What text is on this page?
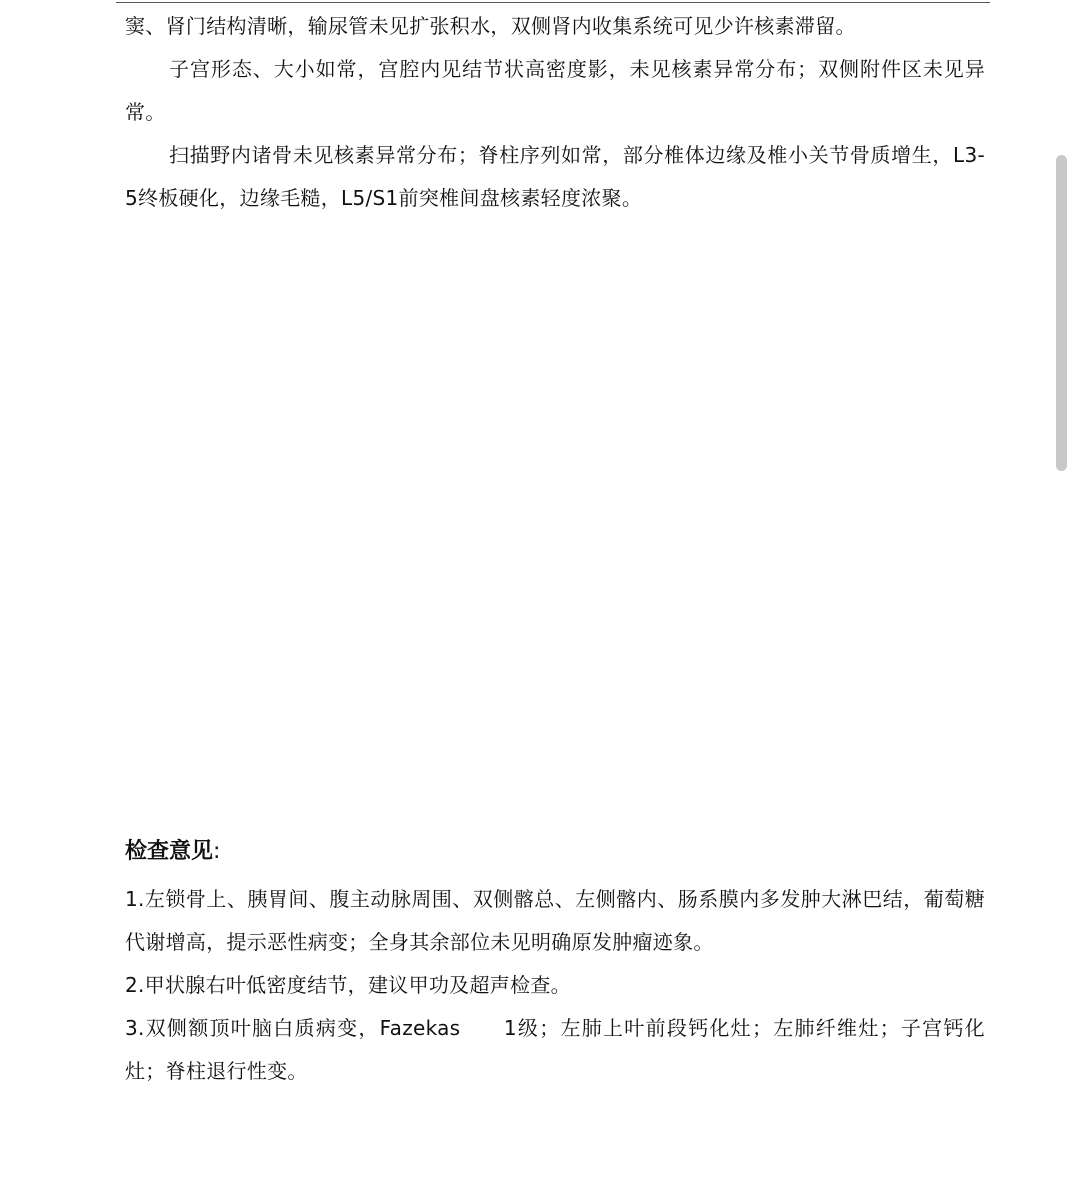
窦、肾门结构清晰，输尿管未见扩张积水，双侧肾内收集系统可见少许核素滞留。

子宫形态、大小如常，宫腔内见结节状高密度影，未见核素异常分布；双侧附件区未见异常。

扫描野内诸骨未见核素异常分布；脊柱序列如常，部分椎体边缘及椎小关节骨质增生，L3-5终板硬化，边缘毛糙，L5/S1前突椎间盘核素轻度浓聚。

检查意见:

1.左锁骨上、胰胃间、腹主动脉周围、双侧髂总、左侧髂内、肠系膜内多发肿大淋巴结，葡萄糖代谢增高，提示恶性病变；全身其余部位未见明确原发肿瘤迹象。

2.甲状腺右叶低密度结节，建议甲功及超声检查。

3.双侧额顶叶脑白质病变，Fazekas　　1级；左肺上叶前段钙化灶；左肺纤维灶；子宫钙化灶；脊柱退行性变。
